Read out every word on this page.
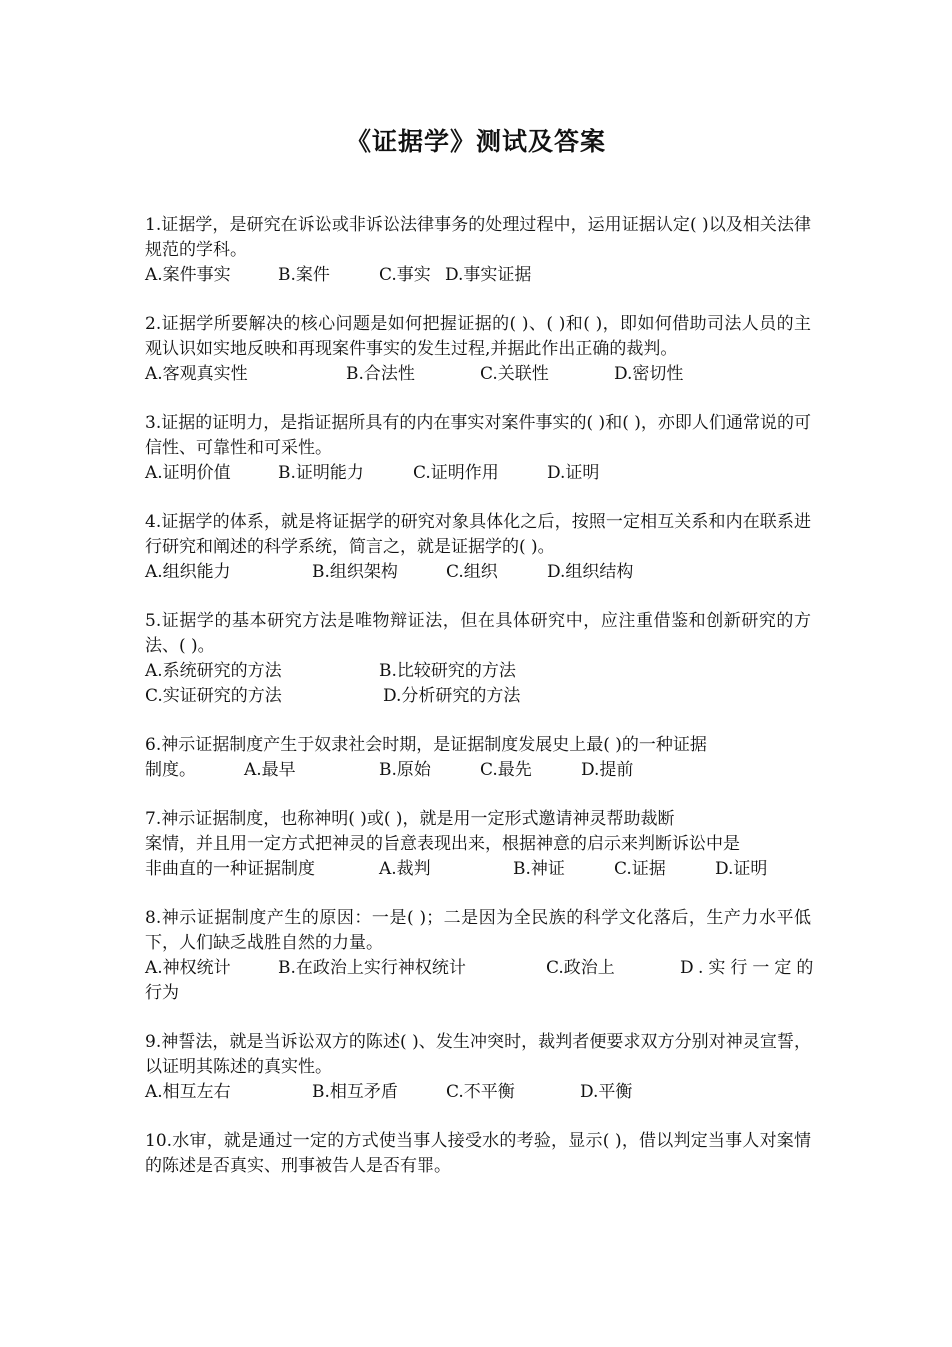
《证据学》测试及答案
1.证据学，是研究在诉讼或非诉讼法律事务的处理过程中，运用证据认定( )以及相关法律规范的学科。
A.案件事实	B.案件	C.事实 D.事实证据
2.证据学所要解决的核心问题是如何把握证据的( )、( )和( )，即如何借助司法人员的主观认识如实地反映和再现案件事实的发生过程,并据此作出正确的裁判。
A.客观真实性	B.合法性	C.关联性	D.密切性
3.证据的证明力，是指证据所具有的内在事实对案件事实的( )和( )，亦即人们通常说的可信性、可靠性和可采性。
A.证明价值	B.证明能力	C.证明作用	D.证明
4.证据学的体系，就是将证据学的研究对象具体化之后，按照一定相互关系和内在联系进行研究和阐述的科学系统，简言之，就是证据学的( )。
A.组织能力	B.组织架构	C.组织	D.组织结构
5.证据学的基本研究方法是唯物辩证法，但在具体研究中，应注重借鉴和创新研究的方法、( )。
A.系统研究的方法	B.比较研究的方法
C.实证研究的方法	D.分析研究的方法
6.神示证据制度产生于奴隶社会时期，是证据制度发展史上最( )的一种证据
制度。	A.最早	B.原始	C.最先	D.提前
7.神示证据制度，也称神明( )或( )，就是用一定形式邀请神灵帮助裁断
案情，并且用一定方式把神灵的旨意表现出来，根据神意的启示来判断诉讼中是
非曲直的一种证据制度	A.裁判	B.神证	C.证据	D.证明
8.神示证据制度产生的原因：一是( )；二是因为全民族的科学文化落后，生产力水平低下，人们缺乏战胜自然的力量。
A.神权统计	B.在政治上实行神权统计	C.政治上	D.实行一定的
行为
9.神誓法，就是当诉讼双方的陈述( )、发生冲突时，裁判者便要求双方分别对神灵宣誓，以证明其陈述的真实性。
A.相互左右	B.相互矛盾	C.不平衡	D.平衡
10.水审，就是通过一定的方式使当事人接受水的考验，显示( )，借以判定当事人对案情的陈述是否真实、刑事被告人是否有罪。
